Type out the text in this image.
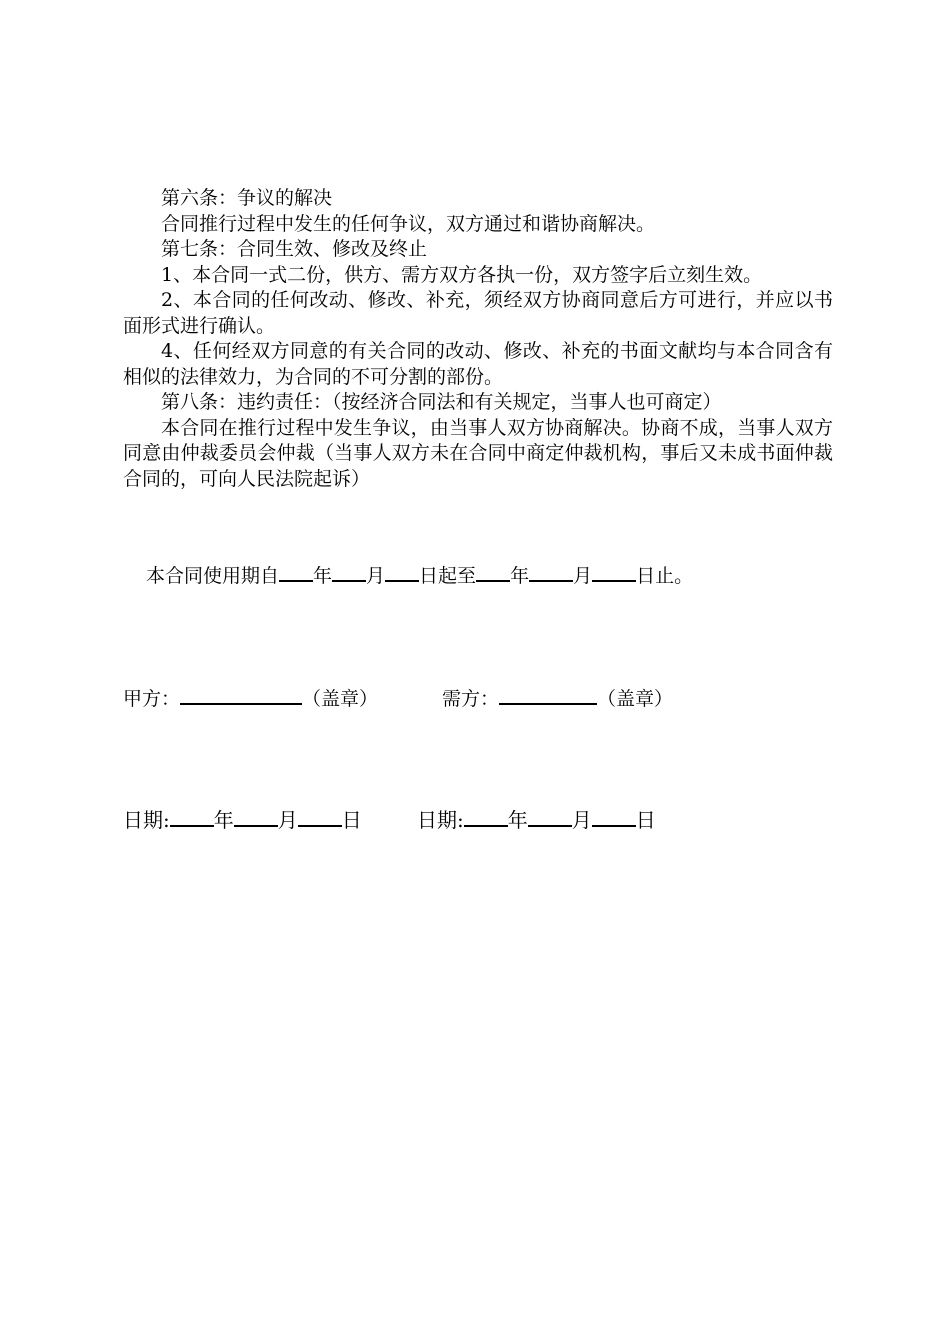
第六条：争议的解决

合同推行过程中发生的任何争议，双方通过和谐协商解决。

第七条：合同生效、修改及终止

1、本合同一式二份，供方、需方双方各执一份，双方签字后立刻生效。

2、本合同的任何改动、修改、补充，须经双方协商同意后方可进行，并应以书面形式进行确认。

4、任何经双方同意的有关合同的改动、修改、补充的书面文献均与本合同含有相似的法律效力，为合同的不可分割的部份。

第八条：违约责任：（按经济合同法和有关规定，当事人也可商定）

本合同在推行过程中发生争议，由当事人双方协商解决。协商不成，当事人双方同意由仲裁委员会仲裁（当事人双方未在合同中商定仲裁机构，事后又未成书面仲裁合同的，可向人民法院起诉）

本合同使用期自 年 月 日起至 年 月 日止。
甲方：	（盖章）	需方：	（盖章）
日期: 年 月 日	日期: 年 月 日
